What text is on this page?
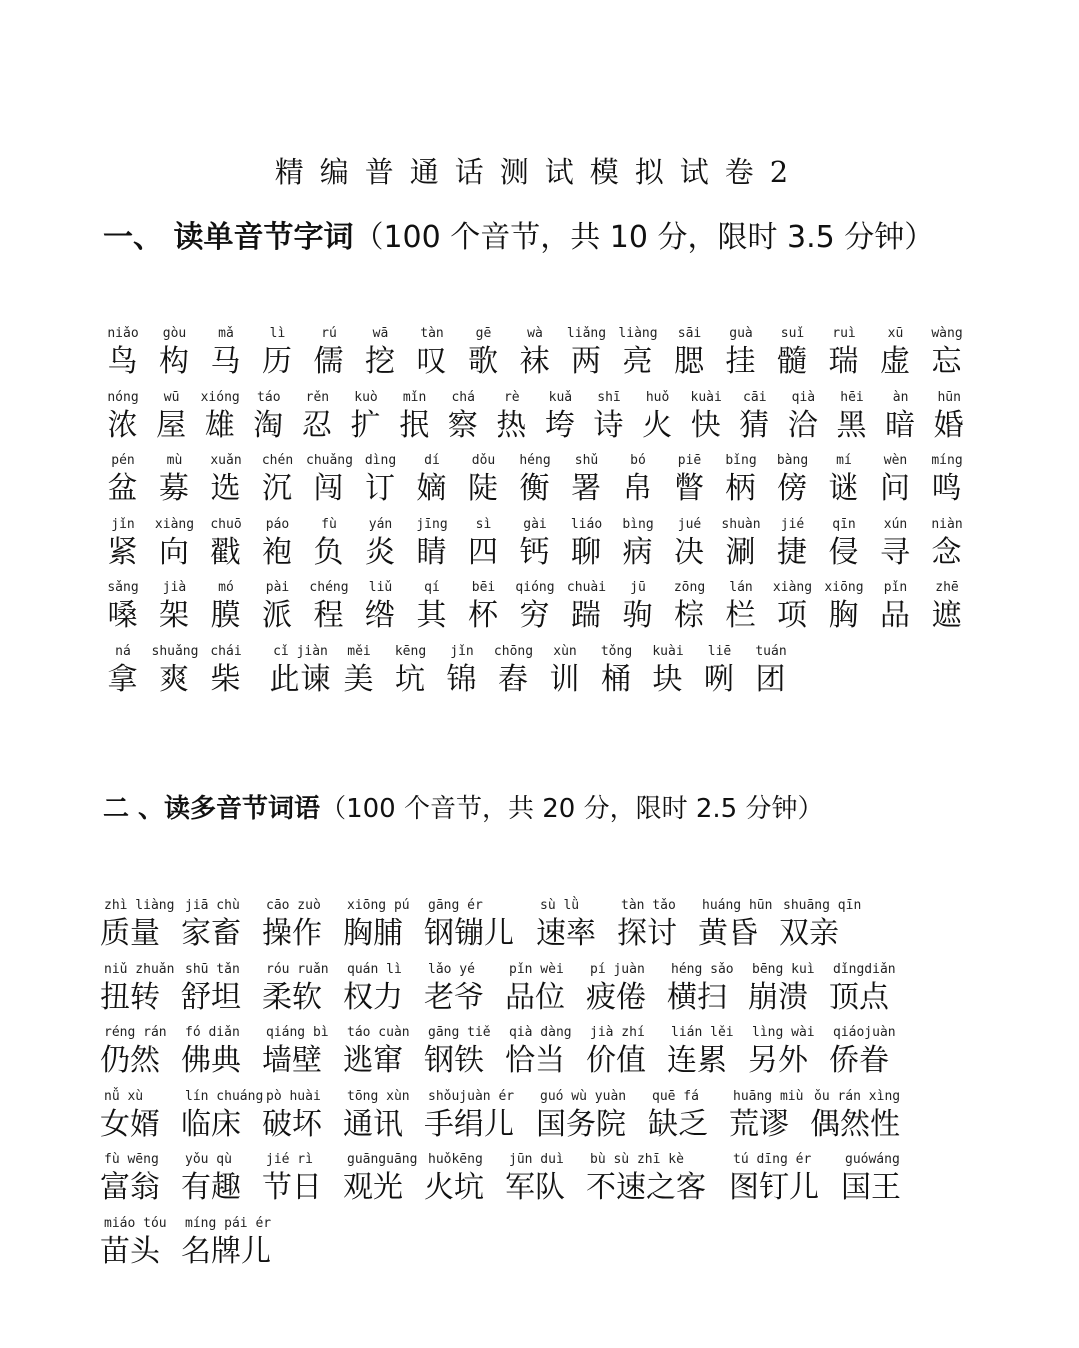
精编普通话测试模拟试卷2
一、 读单音节字词（100 个音节，共 10 分，限时 3.5 分钟）
niǎo
鸟
gòu
构
mǎ
马
lì
历
rú
儒
wā
挖
tàn
叹
gē
歌
wà
袜
liǎng
两
liàng
亮
sāi
腮
guà
挂
suǐ
髓
ruì
瑞
xū
虚
wàng
忘
nóng
浓
wū
屋
xióng
雄
táo
淘
rěn
忍
kuò
扩
mǐn
抿
chá
察
rè
热
kuǎ
垮
shī
诗
huǒ
火
kuài
快
cāi
猜
qià
洽
hēi
黑
àn
暗
hūn
婚
pén
盆
mù
募
xuǎn
选
chén
沉
chuǎng
闯
dìng
订
dí
嫡
dǒu
陡
héng
衡
shǔ
署
bó
帛
piē
瞥
bǐng
柄
bàng
傍
mí
谜
wèn
问
míng
鸣
jǐn
紧
xiàng
向
chuō
戳
páo
袍
fù
负
yán
炎
jīng
睛
sì
四
gài
钙
liáo
聊
bìng
病
jué
决
shuàn
涮
jié
捷
qīn
侵
xún
寻
niàn
念
sǎng
嗓
jià
架
mó
膜
pài
派
chéng
程
liǔ
绺
qí
其
bēi
杯
qióng
穷
chuài
踹
jū
驹
zōng
棕
lán
栏
xiàng
项
xiōng
胸
pǐn
品
zhē
遮
ná
拿
shuǎng
爽
chái
柴
cǐ jiàn
此谏
měi
美
kēng
坑
jǐn
锦
chōng
舂
xùn
训
tǒng
桶
kuài
块
liē
咧
tuán
团
二 、读多音节词语（100 个音节，共 20 分，限时 2.5 分钟）
zhì liàng
质量
jiā chù
家畜
cāo zuò
操作
xiōng pú
胸脯
gāng ér
钢镚儿
sù lǜ
速率
tàn tǎo
探讨
huáng hūn
黄昏
shuāng qīn
双亲
niǔ zhuǎn
扭转
shū tǎn
舒坦
róu ruǎn
柔软
quán lì
权力
lǎo yé
老爷
pǐn wèi
品位
pí juàn
疲倦
héng sǎo
横扫
bēng kuì
崩溃
dǐngdiǎn
顶点
réng rán
仍然
fó diǎn
佛典
qiáng bì
墙壁
táo cuàn
逃窜
gāng tiě
钢铁
qià dàng
恰当
jià zhí
价值
lián lěi
连累
lìng wài
另外
qiáojuàn
侨眷
nǚ xù
女婿
lín chuáng
临床
pò huài
破坏
tōng xùn
通讯
shǒujuàn ér
手绢儿
guó wù yuàn
国务院
quē fá
缺乏
huāng miù
荒谬
ǒu rán xìng
偶然性
fù wēng
富翁
yǒu qù
有趣
jié rì
节日
guānguāng
观光
huǒkēng
火坑
jūn duì
军队
bù sù zhī kè
不速之客
tú dīng ér
图钉儿
guówáng
国王
miáo tóu
苗头
míng pái ér
名牌儿
